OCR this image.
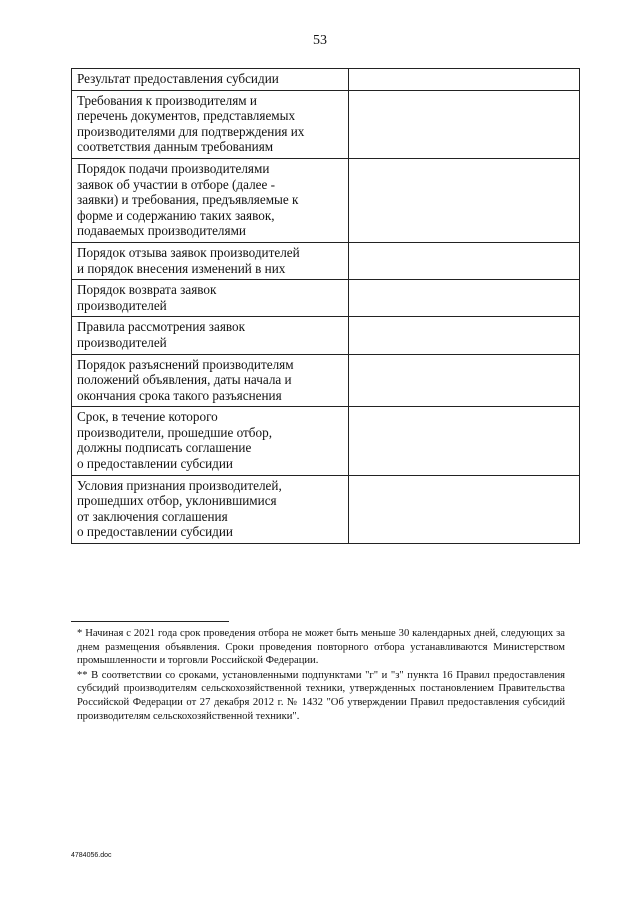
53
Результат предоставления субсидии	

Требования к производителям и
перечень документов, представляемых
производителями для подтверждения их
соответствия данным требованиям	

Порядок подачи производителями
заявок об участии в отборе (далее -
заявки) и требования, предъявляемые к
форме и содержанию таких заявок,
подаваемых производителями	

Порядок отзыва заявок производителей
и порядок внесения изменений в них	

Порядок возврата заявок
производителей	

Правила рассмотрения заявок
производителей	

Порядок разъяснений производителям
положений объявления, даты начала и
окончания срока такого разъяснения	

Срок, в течение которого
производители, прошедшие отбор,
должны подписать соглашение
о предоставлении субсидии	

Условия признания производителей,
прошедших отбор, уклонившимися
от заключения соглашения
о предоставлении субсидии	

* Начиная с 2021 года срок проведения отбора не может быть меньше 30 календарных дней, следующих за днем размещения объявления. Сроки проведения повторного отбора устанавливаются Министерством промышленности и торговли Российской Федерации.

** В соответствии со сроками, установленными подпунктами "г" и "з" пункта 16 Правил предоставления субсидий производителям сельскохозяйственной техники, утвержденных постановлением Правительства Российской Федерации от 27 декабря 2012 г. № 1432 "Об утверждении Правил предоставления субсидий производителям сельскохозяйственной техники".

4784056.doc
